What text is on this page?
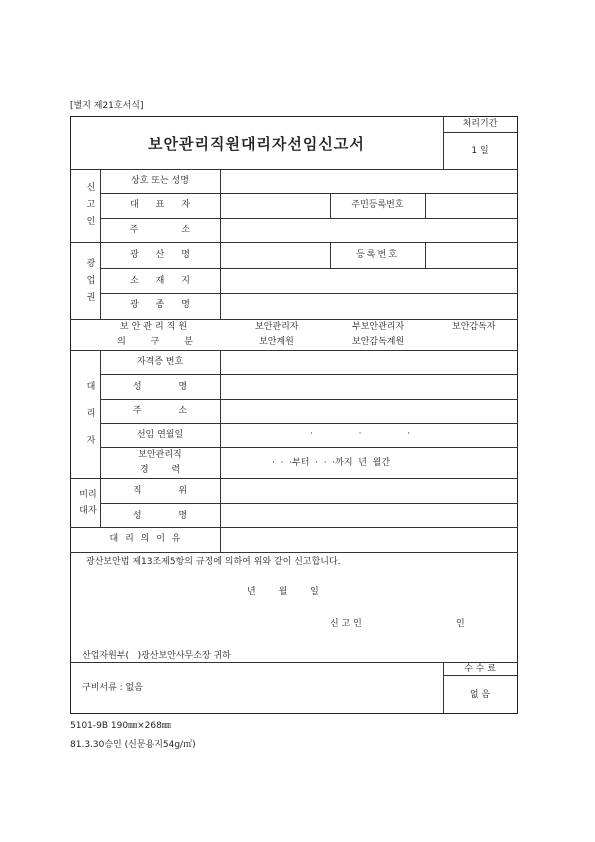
[별지 제21호서식]
보안관리직원대리자선임신고서
처리기간
1 일
신고인
상호 또는 성명
대 표 자	주민등록번호
주 소
광업권
광 산 명	등록번호
소 재 지
광 종 명
보안관리직원
의 구 분
보안관리자	부보안관리자	보안감독자
보안계원	보안감독계원
대리자
자격증 번호
성 명
주 소
선임 연월일	·                ·                ·
보안관리직
경 력
·  ·  ·부터  ·  ·  ·까지  년  월간
미리
대자
직 위
성 명
대 리 의 이 유
광산보안법 제13조제5항의 규정에 의하여 위와 같이 신고합니다.
년        월        일
신 고 인	인
산업자원부(   )광산보안사무소장 귀하
구비서류 : 없음
수 수 료
없 음
5101-9B 190㎜×268㎜
81.3.30승인 (신문용지54g/㎡)
